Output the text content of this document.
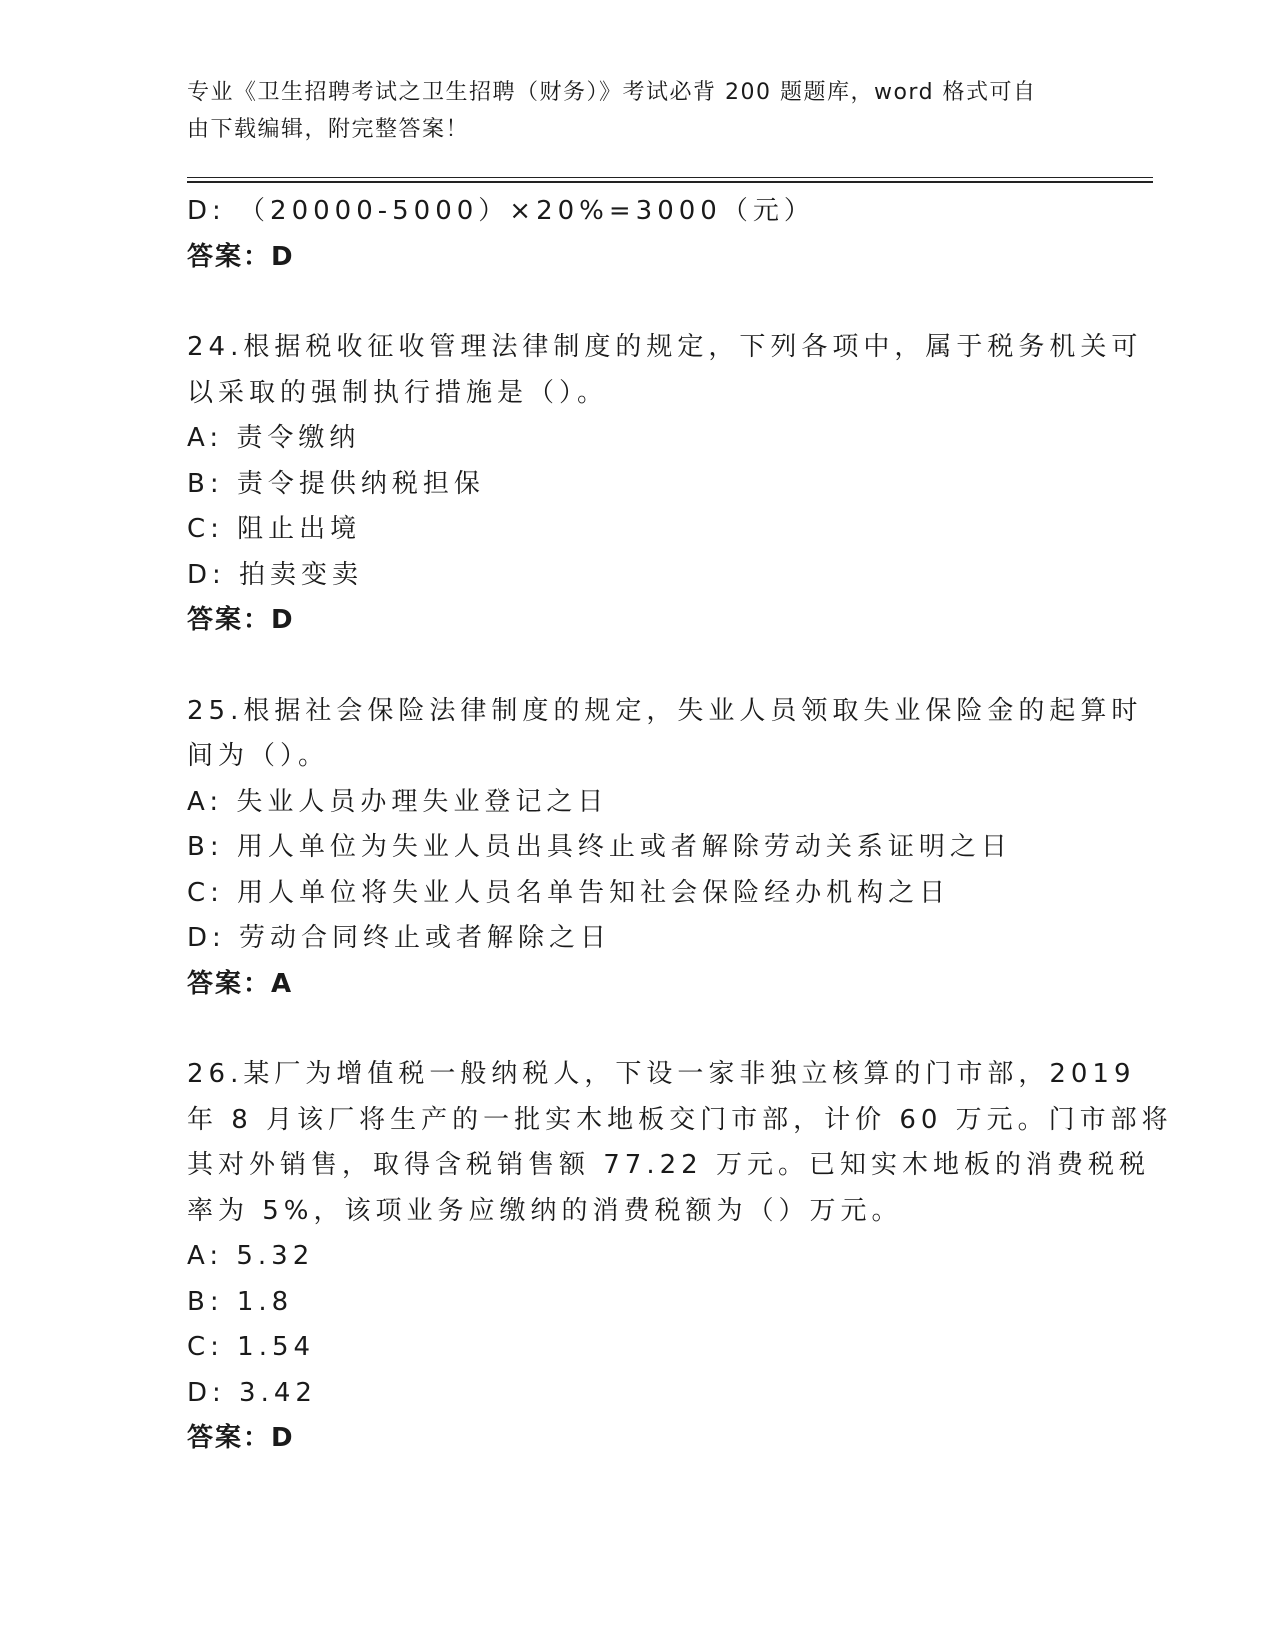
专业《卫生招聘考试之卫生招聘（财务）》考试必背 200 题题库，word 格式可自
由下载编辑，附完整答案！
D: （20000-5000）×20%=3000（元）
答案：D
24.根据税收征收管理法律制度的规定，下列各项中，属于税务机关可
以采取的强制执行措施是（）。
A: 责令缴纳
B: 责令提供纳税担保
C: 阻止出境
D: 拍卖变卖
答案：D
25.根据社会保险法律制度的规定，失业人员领取失业保险金的起算时
间为（）。
A: 失业人员办理失业登记之日
B: 用人单位为失业人员出具终止或者解除劳动关系证明之日
C: 用人单位将失业人员名单告知社会保险经办机构之日
D: 劳动合同终止或者解除之日
答案：A
26.某厂为增值税一般纳税人，下设一家非独立核算的门市部，2019
年 8 月该厂将生产的一批实木地板交门市部，计价 60 万元。门市部将
其对外销售，取得含税销售额 77.22 万元。已知实木地板的消费税税
率为 5%，该项业务应缴纳的消费税额为（）万元。
A: 5.32
B: 1.8
C: 1.54
D: 3.42
答案：D
